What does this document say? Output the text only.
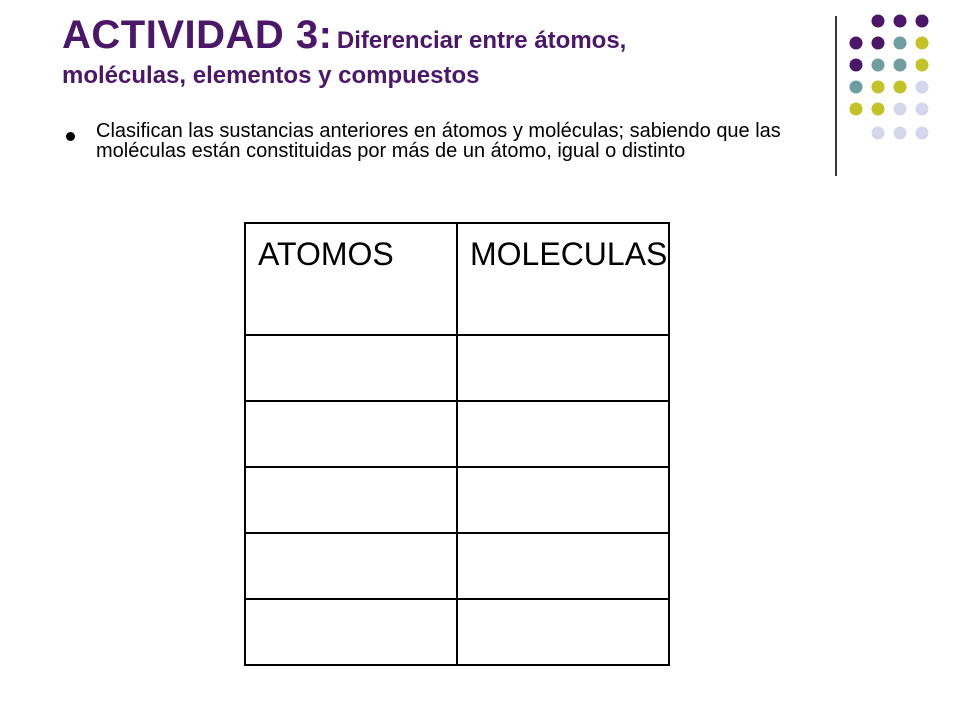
ACTIVIDAD 3: Diferenciar entre átomos,
moléculas, elementos y compuestos
Clasifican las sustancias anteriores en átomos y moléculas; sabiendo que las moléculas están constituidas por más de un átomo, igual o distinto
ATOMOS	MOLECULAS
